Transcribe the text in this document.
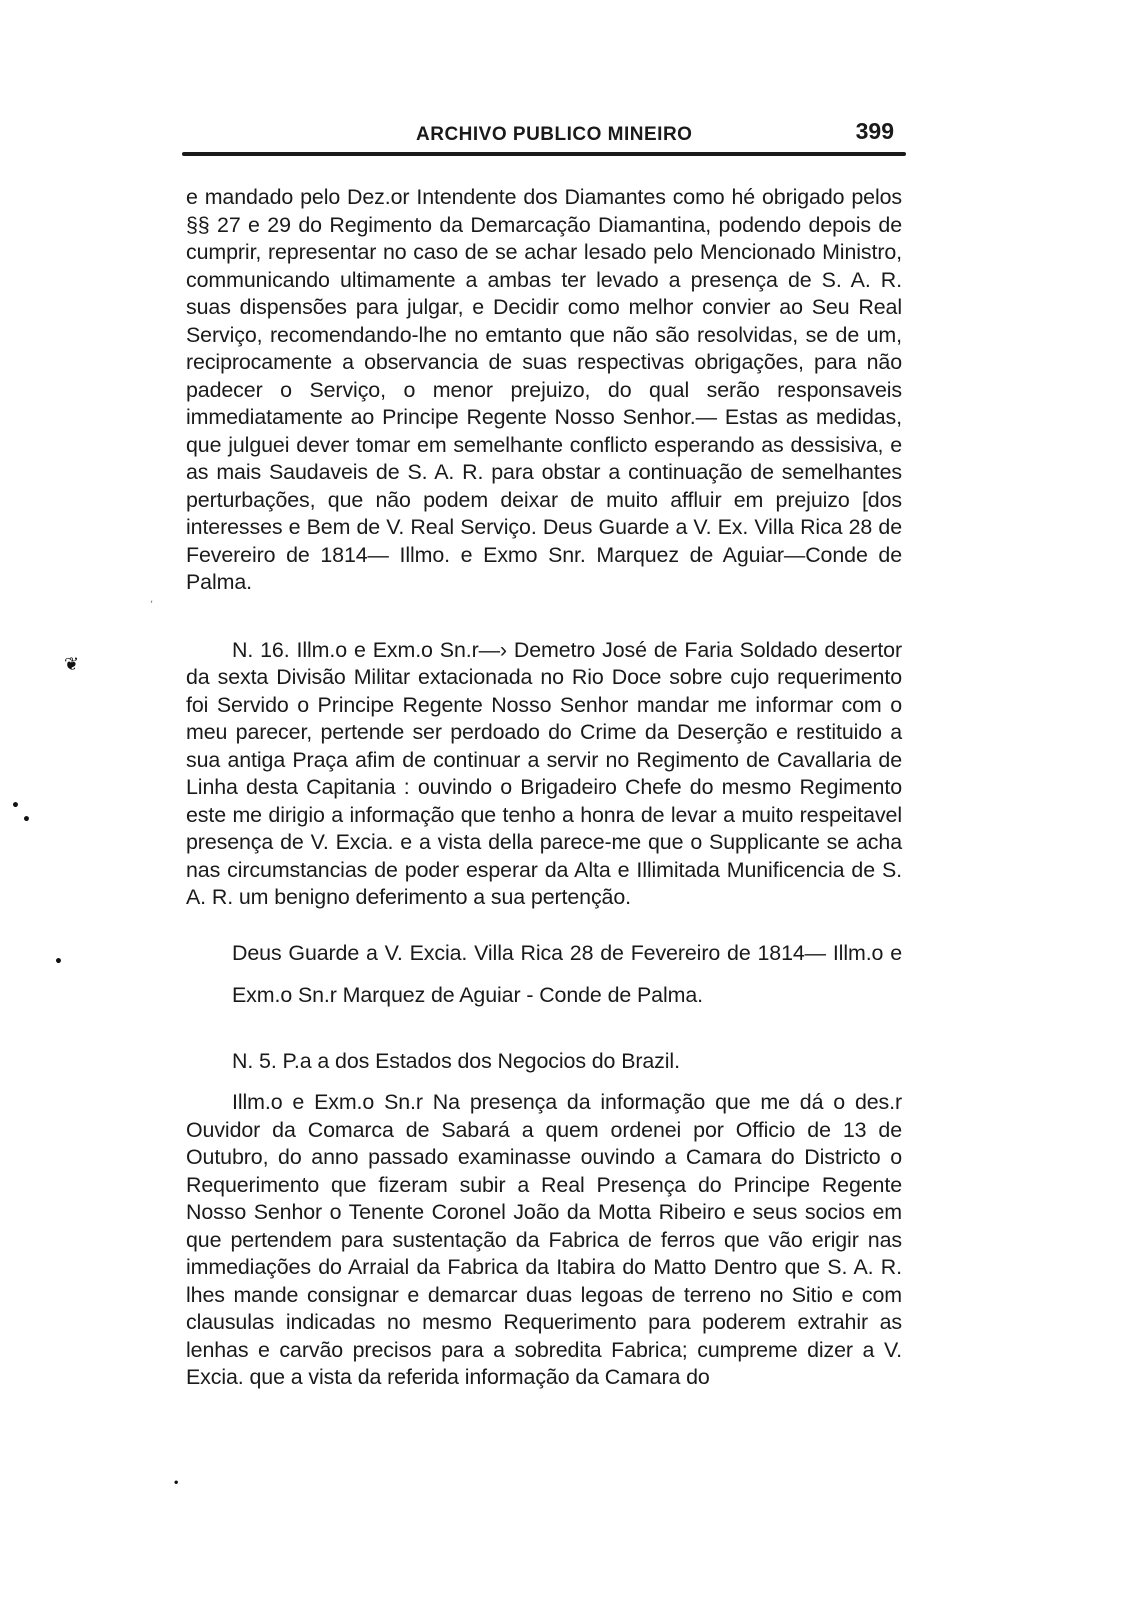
ARCHIVO PUBLICO MINEIRO	399
❦
•
•
•
,
•

e mandado pelo Dez.or Intendente dos Diamantes como hé obrigado pelos §§ 27 e 29 do Regimento da Demarcação Diamantina, podendo depois de cumprir, representar no caso de se achar lesado pelo Mencionado Ministro, communicando ultimamente a ambas ter levado a presença de S. A. R. suas dispensões para julgar, e Decidir como melhor convier ao Seu Real Serviço, recomendando-lhe no emtanto que não são resolvidas, se de um, reciprocamente a observancia de suas respectivas obrigações, para não padecer o Serviço, o menor prejuizo, do qual serão responsaveis immediatamente ao Principe Regente Nosso Senhor.— Estas as medidas, que julguei dever tomar em semelhante conflicto esperando as dessisiva, e as mais Saudaveis de S. A. R. para obstar a continuação de semelhantes perturbações, que não podem deixar de muito affluir em prejuizo [dos interesses e Bem de V. Real Serviço. Deus Guarde a V. Ex. Villa Rica 28 de Fevereiro de 1814— Illmo. e Exmo Snr. Marquez de Aguiar—Conde de Palma.

N. 16. Illm.o e Exm.o Sn.r—› Demetro José de Faria Soldado desertor da sexta Divisão Militar extacionada no Rio Doce sobre cujo requerimento foi Servido o Principe Regente Nosso Senhor mandar me informar com o meu parecer, pertende ser perdoado do Crime da Deserção e restituido a sua antiga Praça afim de continuar a servir no Regimento de Cavallaria de Linha desta Capitania : ouvindo o Brigadeiro Chefe do mesmo Regimento este me dirigio a informação que tenho a honra de levar a muito respeitavel presença de V. Excia. e a vista della parece-me que o Supplicante se acha nas circumstancias de poder esperar da Alta e Illimitada Munificencia de S. A. R. um benigno deferimento a sua pertenção.

Deus Guarde a V. Excia. Villa Rica 28 de Fevereiro de 1814— Illm.o e Exm.o Sn.r Marquez de Aguiar - Conde de Palma.

N. 5. P.a a dos Estados dos Negocios do Brazil.

Illm.o e Exm.o Sn.r Na presença da informação que me dá o des.r Ouvidor da Comarca de Sabará a quem ordenei por Officio de 13 de Outubro, do anno passado examinasse ouvindo a Camara do Districto o Requerimento que fizeram subir a Real Presença do Principe Regente Nosso Senhor o Tenente Coronel João da Motta Ribeiro e seus socios em que pertendem para sustentação da Fabrica de ferros que vão erigir nas immediações do Arraial da Fabrica da Itabira do Matto Dentro que S. A. R. lhes mande consignar e demarcar duas legoas de terreno no Sitio e com clausulas indicadas no mesmo Requerimento para poderem extrahir as lenhas e carvão precisos para a sobredita Fabrica; cumpreme dizer a V. Excia. que a vista da referida informação da Camara do
